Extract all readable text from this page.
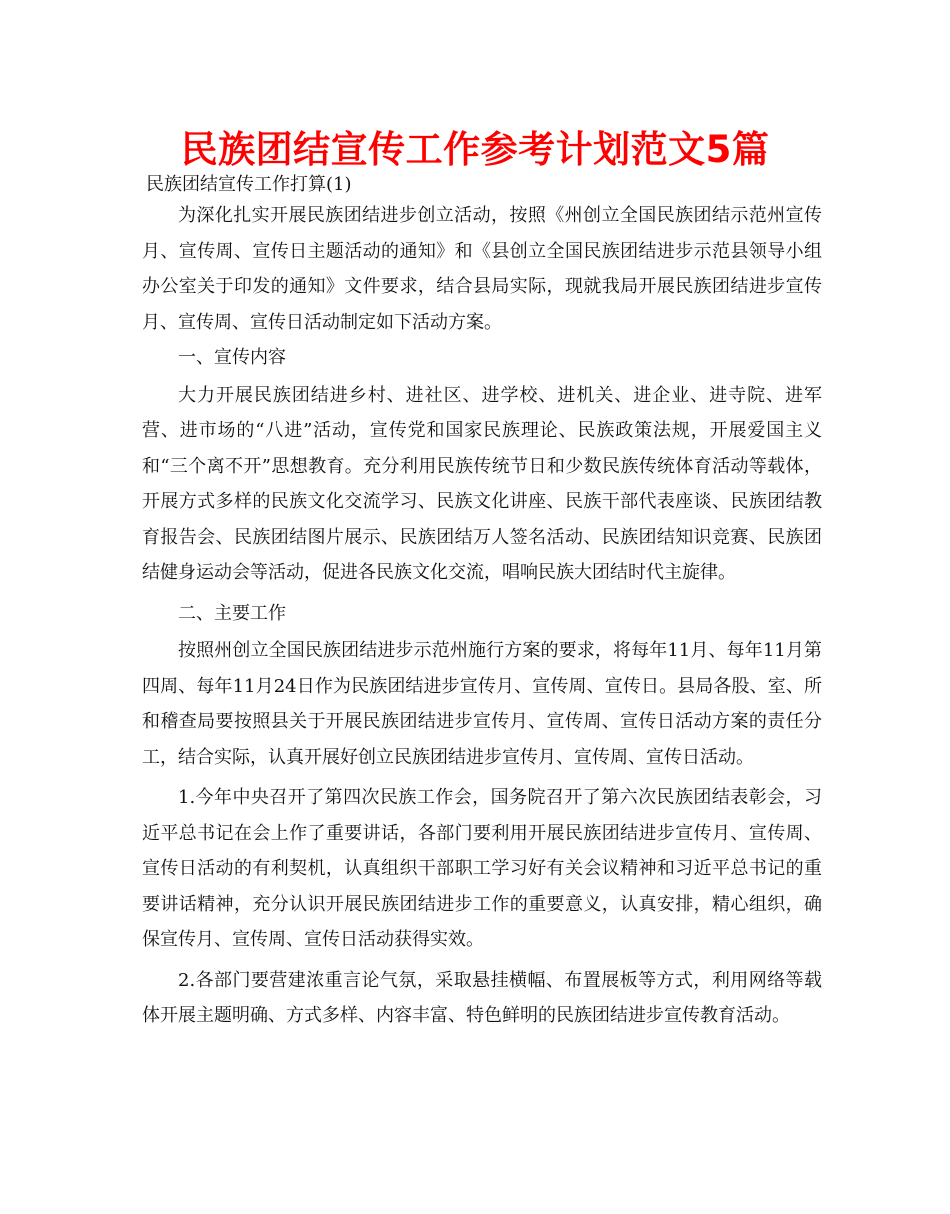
民族团结宣传工作参考计划范文5篇

民族团结宣传工作打算(1)

为深化扎实开展民族团结进步创立活动，按照《州创立全国民族团结示范州宣传月、宣传周、宣传日主题活动的通知》和《县创立全国民族团结进步示范县领导小组办公室关于印发的通知》文件要求，结合县局实际，现就我局开展民族团结进步宣传月、宣传周、宣传日活动制定如下活动方案。

一、宣传内容

大力开展民族团结进乡村、进社区、进学校、进机关、进企业、进寺院、进军营、进市场的“八进”活动，宣传党和国家民族理论、民族政策法规，开展爱国主义和“三个离不开”思想教育。充分利用民族传统节日和少数民族传统体育活动等载体，开展方式多样的民族文化交流学习、民族文化讲座、民族干部代表座谈、民族团结教育报告会、民族团结图片展示、民族团结万人签名活动、民族团结知识竞赛、民族团结健身运动会等活动，促进各民族文化交流，唱响民族大团结时代主旋律。

二、主要工作

按照州创立全国民族团结进步示范州施行方案的要求，将每年11月、每年11月第四周、每年11月24日作为民族团结进步宣传月、宣传周、宣传日。县局各股、室、所和稽查局要按照县关于开展民族团结进步宣传月、宣传周、宣传日活动方案的责任分工，结合实际，认真开展好创立民族团结进步宣传月、宣传周、宣传日活动。

1.今年中央召开了第四次民族工作会，国务院召开了第六次民族团结表彰会，习近平总书记在会上作了重要讲话，各部门要利用开展民族团结进步宣传月、宣传周、宣传日活动的有利契机，认真组织干部职工学习好有关会议精神和习近平总书记的重要讲话精神，充分认识开展民族团结进步工作的重要意义，认真安排，精心组织，确保宣传月、宣传周、宣传日活动获得实效。

2.各部门要营建浓重言论气氛，采取悬挂横幅、布置展板等方式，利用网络等载体开展主题明确、方式多样、内容丰富、特色鲜明的民族团结进步宣传教育活动。
